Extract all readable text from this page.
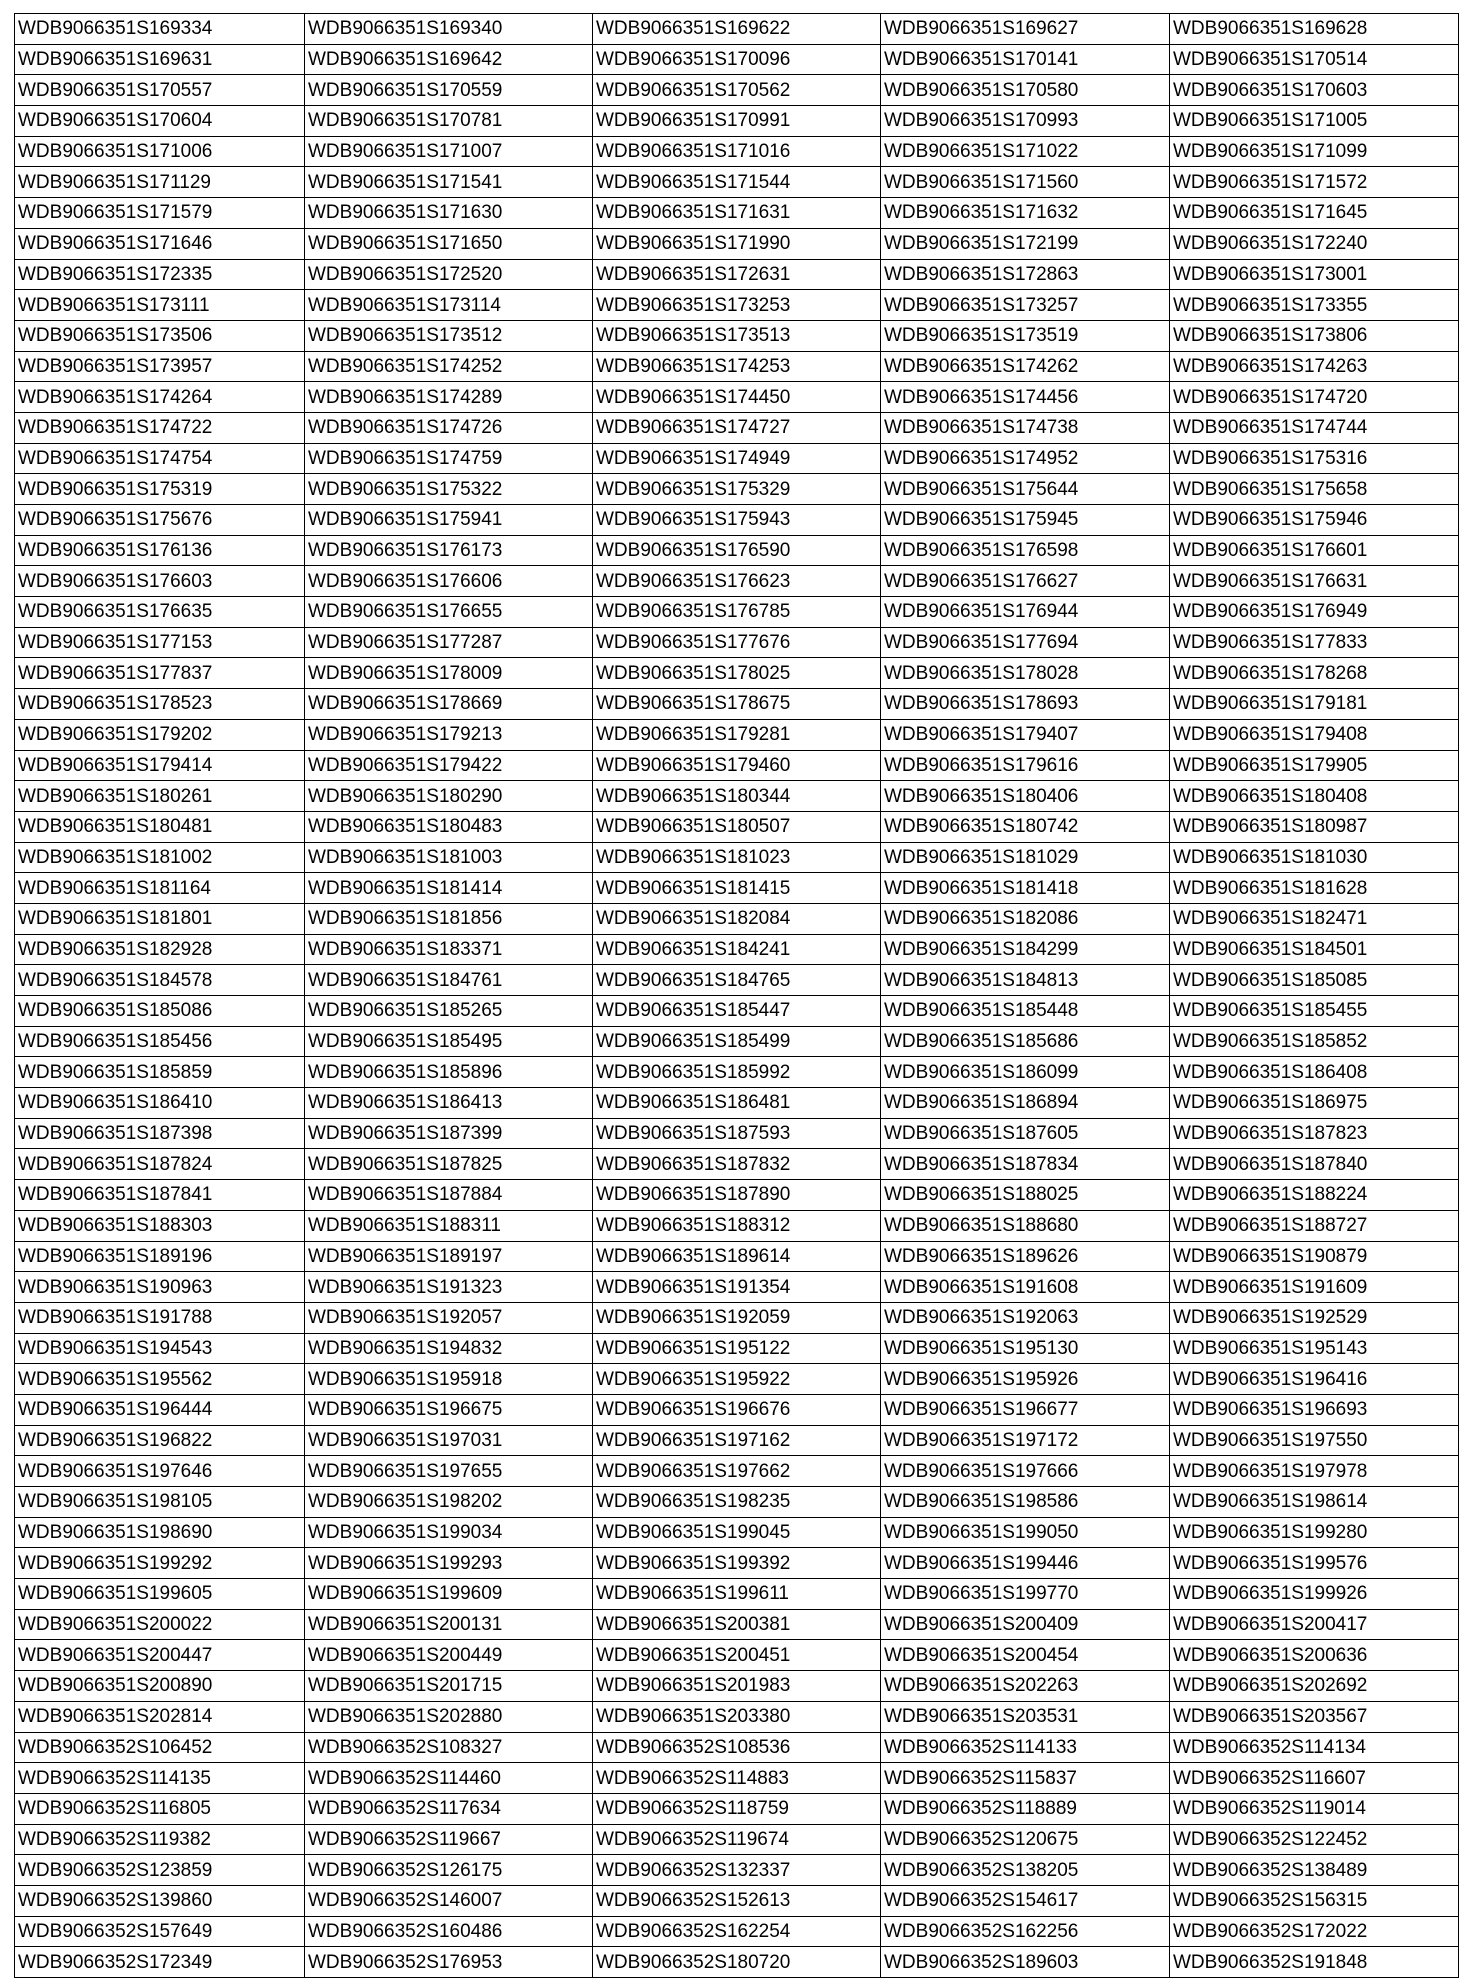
WDB9066351S169334	WDB9066351S169340	WDB9066351S169622	WDB9066351S169627	WDB9066351S169628
WDB9066351S169631	WDB9066351S169642	WDB9066351S170096	WDB9066351S170141	WDB9066351S170514
WDB9066351S170557	WDB9066351S170559	WDB9066351S170562	WDB9066351S170580	WDB9066351S170603
WDB9066351S170604	WDB9066351S170781	WDB9066351S170991	WDB9066351S170993	WDB9066351S171005
WDB9066351S171006	WDB9066351S171007	WDB9066351S171016	WDB9066351S171022	WDB9066351S171099
WDB9066351S171129	WDB9066351S171541	WDB9066351S171544	WDB9066351S171560	WDB9066351S171572
WDB9066351S171579	WDB9066351S171630	WDB9066351S171631	WDB9066351S171632	WDB9066351S171645
WDB9066351S171646	WDB9066351S171650	WDB9066351S171990	WDB9066351S172199	WDB9066351S172240
WDB9066351S172335	WDB9066351S172520	WDB9066351S172631	WDB9066351S172863	WDB9066351S173001
WDB9066351S173111	WDB9066351S173114	WDB9066351S173253	WDB9066351S173257	WDB9066351S173355
WDB9066351S173506	WDB9066351S173512	WDB9066351S173513	WDB9066351S173519	WDB9066351S173806
WDB9066351S173957	WDB9066351S174252	WDB9066351S174253	WDB9066351S174262	WDB9066351S174263
WDB9066351S174264	WDB9066351S174289	WDB9066351S174450	WDB9066351S174456	WDB9066351S174720
WDB9066351S174722	WDB9066351S174726	WDB9066351S174727	WDB9066351S174738	WDB9066351S174744
WDB9066351S174754	WDB9066351S174759	WDB9066351S174949	WDB9066351S174952	WDB9066351S175316
WDB9066351S175319	WDB9066351S175322	WDB9066351S175329	WDB9066351S175644	WDB9066351S175658
WDB9066351S175676	WDB9066351S175941	WDB9066351S175943	WDB9066351S175945	WDB9066351S175946
WDB9066351S176136	WDB9066351S176173	WDB9066351S176590	WDB9066351S176598	WDB9066351S176601
WDB9066351S176603	WDB9066351S176606	WDB9066351S176623	WDB9066351S176627	WDB9066351S176631
WDB9066351S176635	WDB9066351S176655	WDB9066351S176785	WDB9066351S176944	WDB9066351S176949
WDB9066351S177153	WDB9066351S177287	WDB9066351S177676	WDB9066351S177694	WDB9066351S177833
WDB9066351S177837	WDB9066351S178009	WDB9066351S178025	WDB9066351S178028	WDB9066351S178268
WDB9066351S178523	WDB9066351S178669	WDB9066351S178675	WDB9066351S178693	WDB9066351S179181
WDB9066351S179202	WDB9066351S179213	WDB9066351S179281	WDB9066351S179407	WDB9066351S179408
WDB9066351S179414	WDB9066351S179422	WDB9066351S179460	WDB9066351S179616	WDB9066351S179905
WDB9066351S180261	WDB9066351S180290	WDB9066351S180344	WDB9066351S180406	WDB9066351S180408
WDB9066351S180481	WDB9066351S180483	WDB9066351S180507	WDB9066351S180742	WDB9066351S180987
WDB9066351S181002	WDB9066351S181003	WDB9066351S181023	WDB9066351S181029	WDB9066351S181030
WDB9066351S181164	WDB9066351S181414	WDB9066351S181415	WDB9066351S181418	WDB9066351S181628
WDB9066351S181801	WDB9066351S181856	WDB9066351S182084	WDB9066351S182086	WDB9066351S182471
WDB9066351S182928	WDB9066351S183371	WDB9066351S184241	WDB9066351S184299	WDB9066351S184501
WDB9066351S184578	WDB9066351S184761	WDB9066351S184765	WDB9066351S184813	WDB9066351S185085
WDB9066351S185086	WDB9066351S185265	WDB9066351S185447	WDB9066351S185448	WDB9066351S185455
WDB9066351S185456	WDB9066351S185495	WDB9066351S185499	WDB9066351S185686	WDB9066351S185852
WDB9066351S185859	WDB9066351S185896	WDB9066351S185992	WDB9066351S186099	WDB9066351S186408
WDB9066351S186410	WDB9066351S186413	WDB9066351S186481	WDB9066351S186894	WDB9066351S186975
WDB9066351S187398	WDB9066351S187399	WDB9066351S187593	WDB9066351S187605	WDB9066351S187823
WDB9066351S187824	WDB9066351S187825	WDB9066351S187832	WDB9066351S187834	WDB9066351S187840
WDB9066351S187841	WDB9066351S187884	WDB9066351S187890	WDB9066351S188025	WDB9066351S188224
WDB9066351S188303	WDB9066351S188311	WDB9066351S188312	WDB9066351S188680	WDB9066351S188727
WDB9066351S189196	WDB9066351S189197	WDB9066351S189614	WDB9066351S189626	WDB9066351S190879
WDB9066351S190963	WDB9066351S191323	WDB9066351S191354	WDB9066351S191608	WDB9066351S191609
WDB9066351S191788	WDB9066351S192057	WDB9066351S192059	WDB9066351S192063	WDB9066351S192529
WDB9066351S194543	WDB9066351S194832	WDB9066351S195122	WDB9066351S195130	WDB9066351S195143
WDB9066351S195562	WDB9066351S195918	WDB9066351S195922	WDB9066351S195926	WDB9066351S196416
WDB9066351S196444	WDB9066351S196675	WDB9066351S196676	WDB9066351S196677	WDB9066351S196693
WDB9066351S196822	WDB9066351S197031	WDB9066351S197162	WDB9066351S197172	WDB9066351S197550
WDB9066351S197646	WDB9066351S197655	WDB9066351S197662	WDB9066351S197666	WDB9066351S197978
WDB9066351S198105	WDB9066351S198202	WDB9066351S198235	WDB9066351S198586	WDB9066351S198614
WDB9066351S198690	WDB9066351S199034	WDB9066351S199045	WDB9066351S199050	WDB9066351S199280
WDB9066351S199292	WDB9066351S199293	WDB9066351S199392	WDB9066351S199446	WDB9066351S199576
WDB9066351S199605	WDB9066351S199609	WDB9066351S199611	WDB9066351S199770	WDB9066351S199926
WDB9066351S200022	WDB9066351S200131	WDB9066351S200381	WDB9066351S200409	WDB9066351S200417
WDB9066351S200447	WDB9066351S200449	WDB9066351S200451	WDB9066351S200454	WDB9066351S200636
WDB9066351S200890	WDB9066351S201715	WDB9066351S201983	WDB9066351S202263	WDB9066351S202692
WDB9066351S202814	WDB9066351S202880	WDB9066351S203380	WDB9066351S203531	WDB9066351S203567
WDB9066352S106452	WDB9066352S108327	WDB9066352S108536	WDB9066352S114133	WDB9066352S114134
WDB9066352S114135	WDB9066352S114460	WDB9066352S114883	WDB9066352S115837	WDB9066352S116607
WDB9066352S116805	WDB9066352S117634	WDB9066352S118759	WDB9066352S118889	WDB9066352S119014
WDB9066352S119382	WDB9066352S119667	WDB9066352S119674	WDB9066352S120675	WDB9066352S122452
WDB9066352S123859	WDB9066352S126175	WDB9066352S132337	WDB9066352S138205	WDB9066352S138489
WDB9066352S139860	WDB9066352S146007	WDB9066352S152613	WDB9066352S154617	WDB9066352S156315
WDB9066352S157649	WDB9066352S160486	WDB9066352S162254	WDB9066352S162256	WDB9066352S172022
WDB9066352S172349	WDB9066352S176953	WDB9066352S180720	WDB9066352S189603	WDB9066352S191848
